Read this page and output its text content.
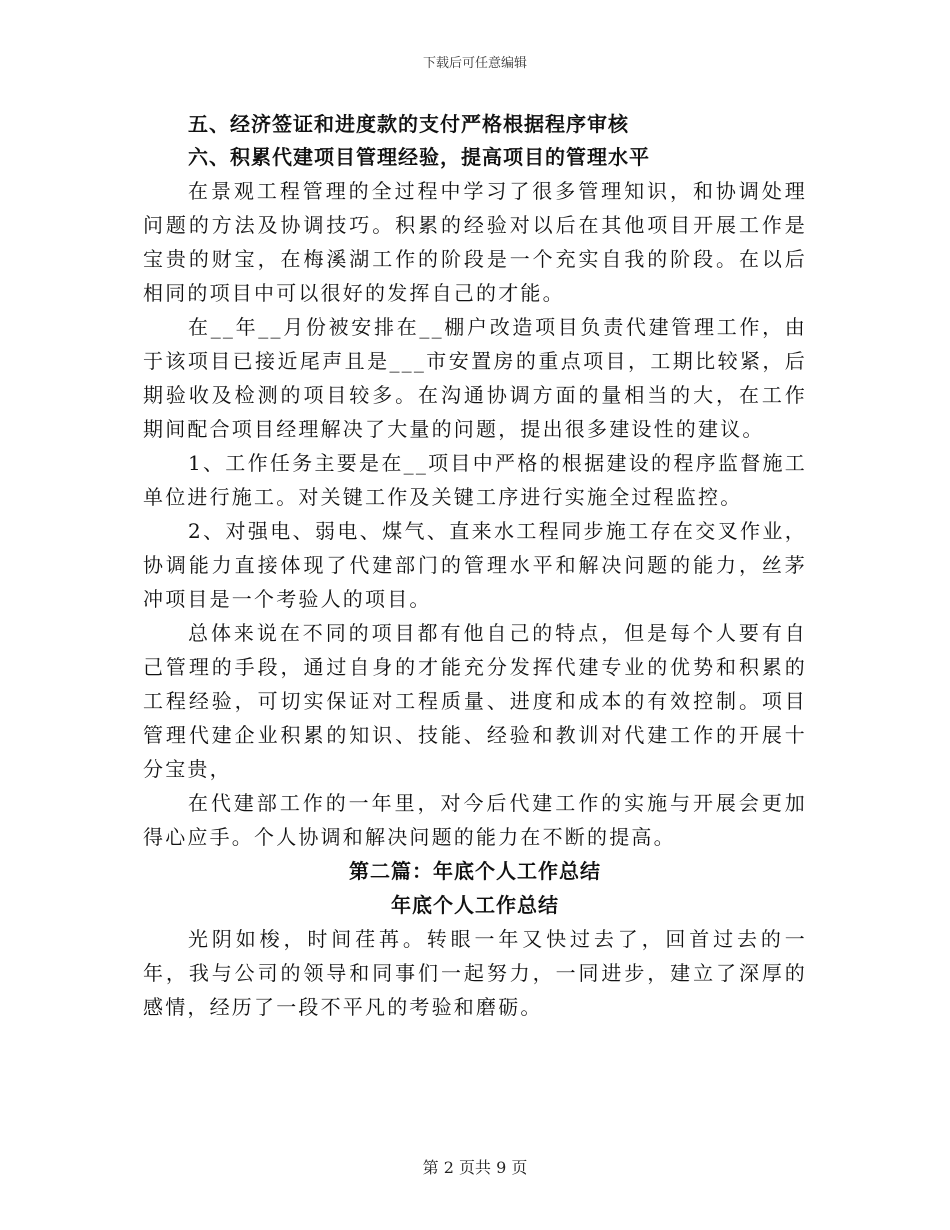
下载后可任意编辑

五、经济签证和进度款的支付严格根据程序审核

六、积累代建项目管理经验，提高项目的管理水平

在景观工程管理的全过程中学习了很多管理知识，和协调处理问题的方法及协调技巧。积累的经验对以后在其他项目开展工作是宝贵的财宝，在梅溪湖工作的阶段是一个充实自我的阶段。在以后相同的项目中可以很好的发挥自己的才能。

在__年__月份被安排在__棚户改造项目负责代建管理工作，由于该项目已接近尾声且是___市安置房的重点项目，工期比较紧，后期验收及检测的项目较多。在沟通协调方面的量相当的大，在工作期间配合项目经理解决了大量的问题，提出很多建设性的建议。

1、工作任务主要是在__项目中严格的根据建设的程序监督施工单位进行施工。对关键工作及关键工序进行实施全过程监控。

2、对强电、弱电、煤气、直来水工程同步施工存在交叉作业，协调能力直接体现了代建部门的管理水平和解决问题的能力，丝茅冲项目是一个考验人的项目。

总体来说在不同的项目都有他自己的特点，但是每个人要有自己管理的手段，通过自身的才能充分发挥代建专业的优势和积累的工程经验，可切实保证对工程质量、进度和成本的有效控制。项目管理代建企业积累的知识、技能、经验和教训对代建工作的开展十分宝贵，

在代建部工作的一年里，对今后代建工作的实施与开展会更加得心应手。个人协调和解决问题的能力在不断的提高。

第二篇：年底个人工作总结

年底个人工作总结

光阴如梭，时间荏苒。转眼一年又快过去了，回首过去的一年，我与公司的领导和同事们一起努力，一同进步，建立了深厚的感情，经历了一段不平凡的考验和磨砺。

第 2 页共 9 页
